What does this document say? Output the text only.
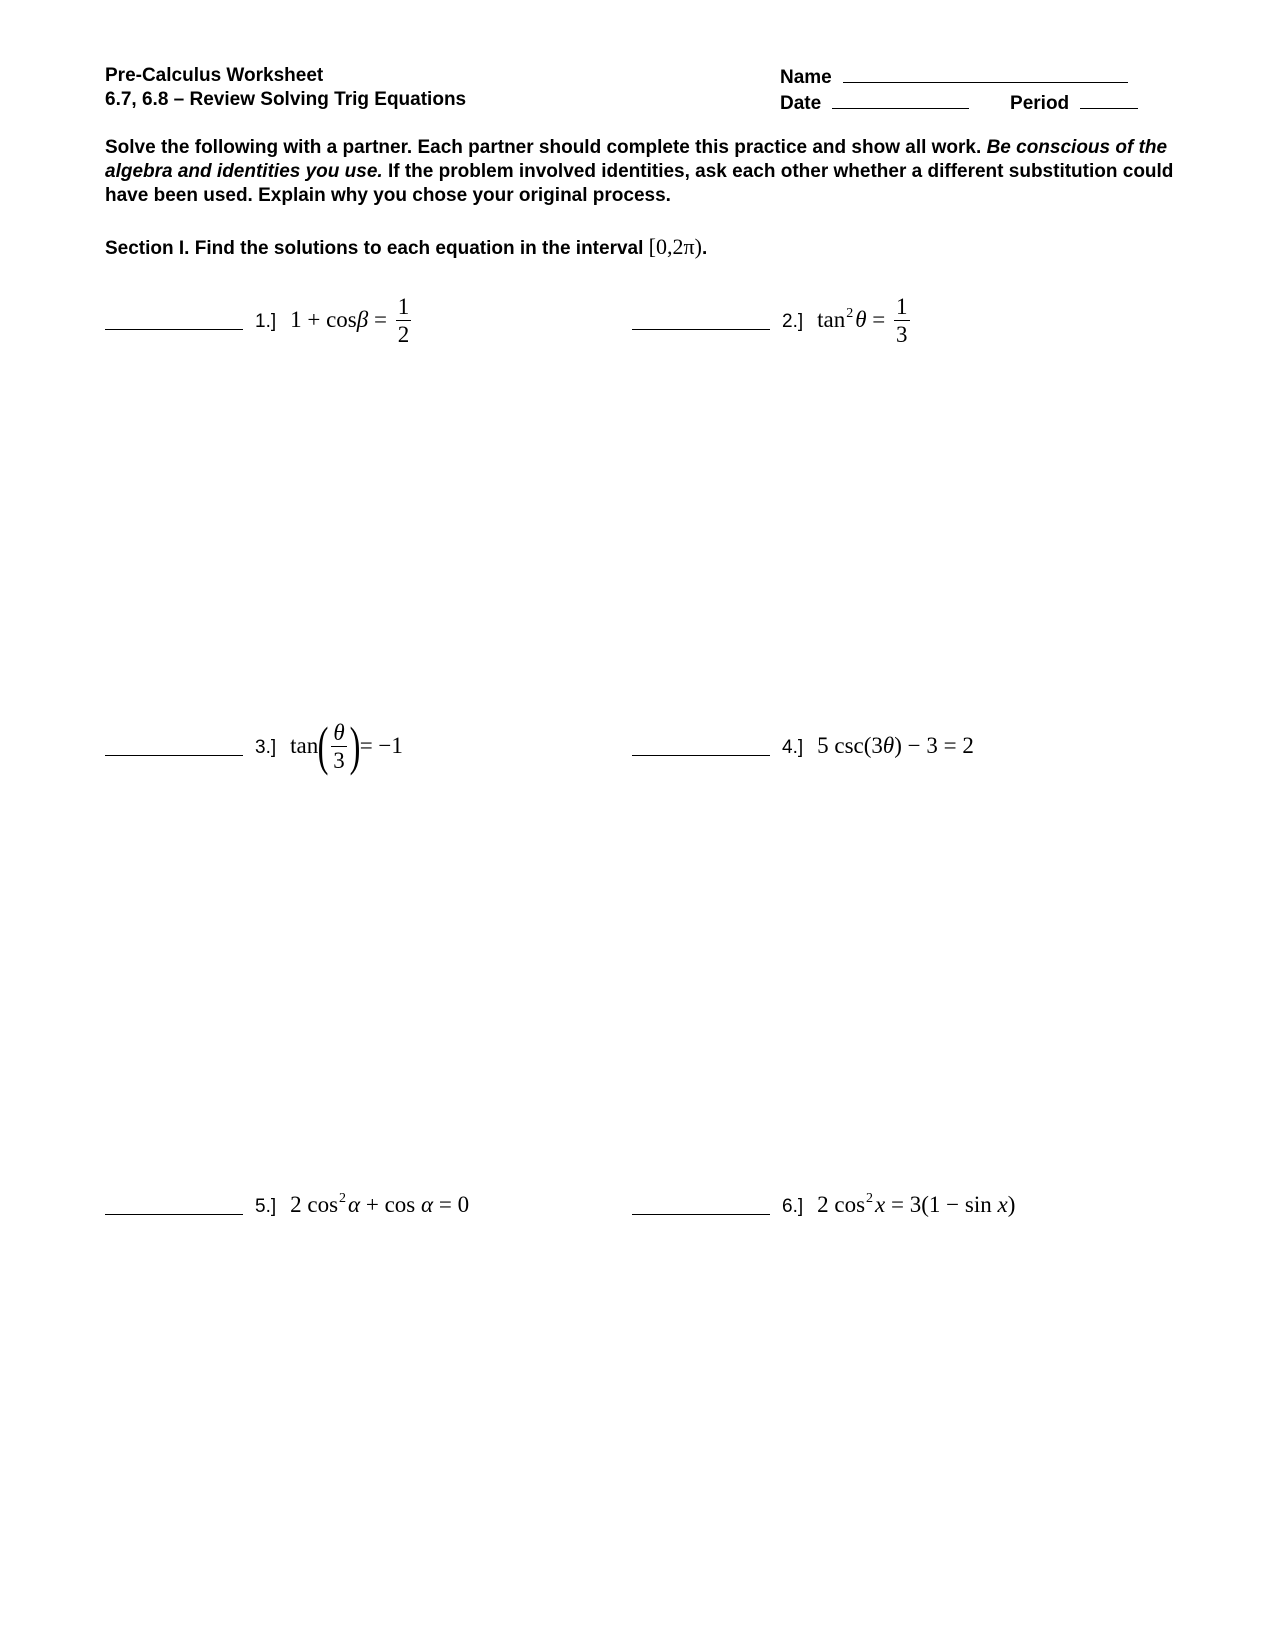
Pre-Calculus Worksheet
6.7, 6.8 – Review Solving Trig Equations
Name
Date	Period
Solve the following with a partner. Each partner should complete this practice and show all work. Be conscious of the algebra and identities you use. If the problem involved identities, ask each other whether a different substitution could have been used. Explain why you chose your original process.
Section I. Find the solutions to each equation in the interval [0,2π).
1.] $1 + \cos \beta = \frac{1}{2}$	2.] tan 2 $\theta = \frac{1}{3}$
3.] tan ( $\frac{\theta}{3}$ ) = −1	4.] 5 csc(3 θ ) − 3 = 2
5.] 2 cos 2 α + cos α = 0	6.] 2 cos 2 x = 3(1 − sin x )
